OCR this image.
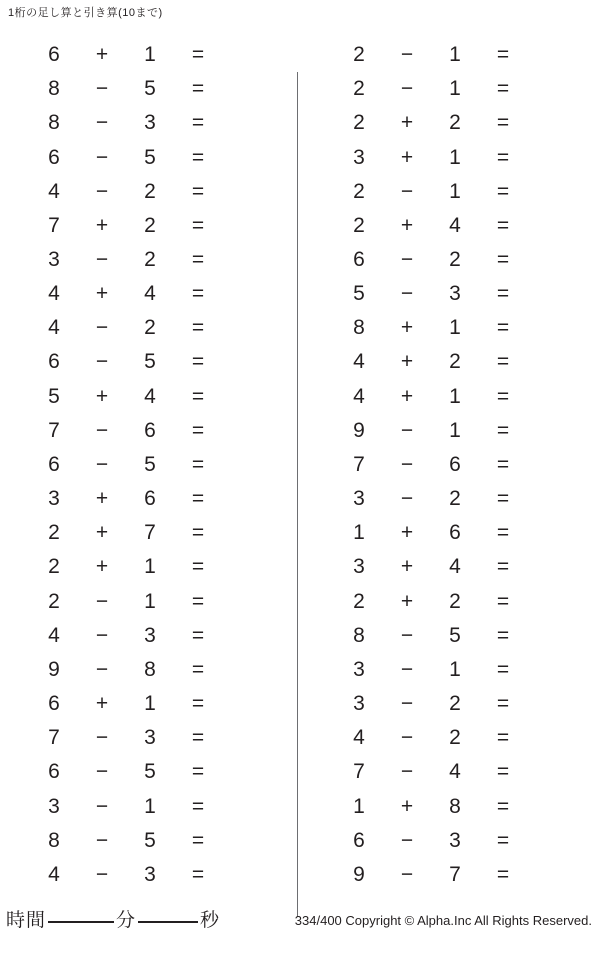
1桁の足し算と引き算(10まで)
6	+	1	=
8	−	5	=
8	−	3	=
6	−	5	=
4	−	2	=
7	+	2	=
3	−	2	=
4	+	4	=
4	−	2	=
6	−	5	=
5	+	4	=
7	−	6	=
6	−	5	=
3	+	6	=
2	+	7	=
2	+	1	=
2	−	1	=
4	−	3	=
9	−	8	=
6	+	1	=
7	−	3	=
6	−	5	=
3	−	1	=
8	−	5	=
4	−	3	=
2	−	1	=
2	−	1	=
2	+	2	=
3	+	1	=
2	−	1	=
2	+	4	=
6	−	2	=
5	−	3	=
8	+	1	=
4	+	2	=
4	+	1	=
9	−	1	=
7	−	6	=
3	−	2	=
1	+	6	=
3	+	4	=
2	+	2	=
8	−	5	=
3	−	1	=
3	−	2	=
4	−	2	=
7	−	4	=
1	+	8	=
6	−	3	=
9	−	7	=
時間	分	秒	334/400 Copyright © Alpha.Inc All Rights Reserved.
